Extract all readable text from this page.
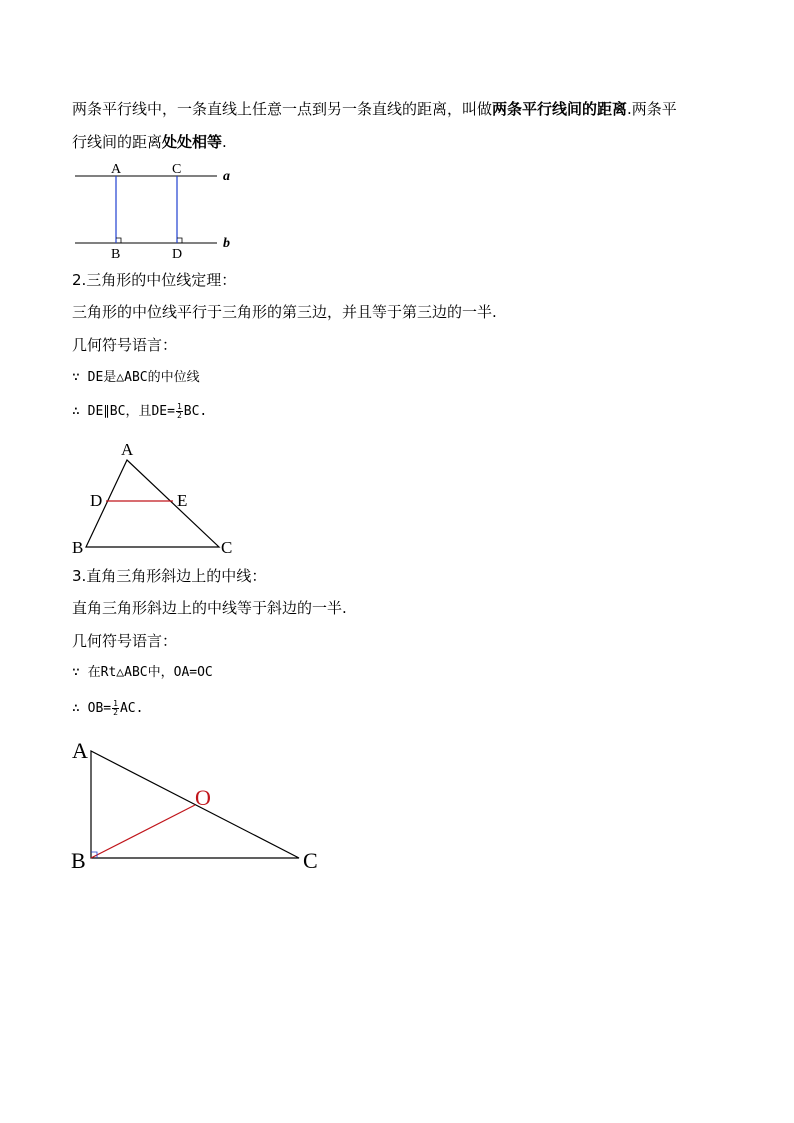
两条平行线中，一条直线上任意一点到另一条直线的距离，叫做两条平行线间的距离.两条平
行线间的距离处处相等.
A	C
B	D
a
b
2.三角形的中位线定理：
三角形的中位线平行于三角形的第三边，并且等于第三边的一半.
几何符号语言：
∵ DE是△ABC的中位线
∴ DE∥BC，且$DE= \frac{1}{2}$ BC.
A
D	E
B	C
3.直角三角形斜边上的中线：
直角三角形斜边上的中线等于斜边的一半.
几何符号语言：
∵ 在Rt△ABC中，OA=OC
∴ $OB= \frac{1}{2}$ AC.
A
O
B	C
